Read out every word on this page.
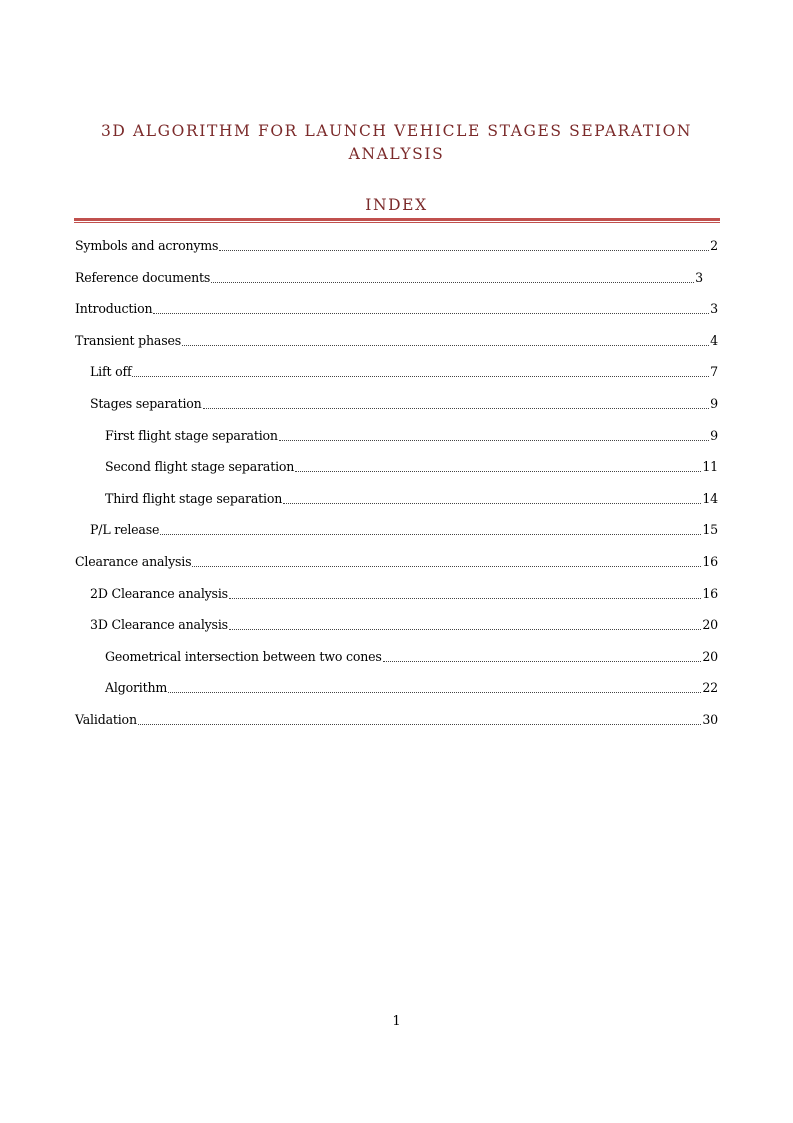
3D ALGORITHM FOR LAUNCH VEHICLE STAGES SEPARATION
ANALYSIS
INDEX
Symbols and acronyms	2
Reference documents	3
Introduction	3
Transient phases	4
Lift off	7
Stages separation	9
First flight stage separation	9
Second flight stage separation	11
Third flight stage separation	14
P/L release	15
Clearance analysis	16
2D Clearance analysis	16
3D Clearance analysis	20
Geometrical intersection between two cones	20
Algorithm	22
Validation	30
1
